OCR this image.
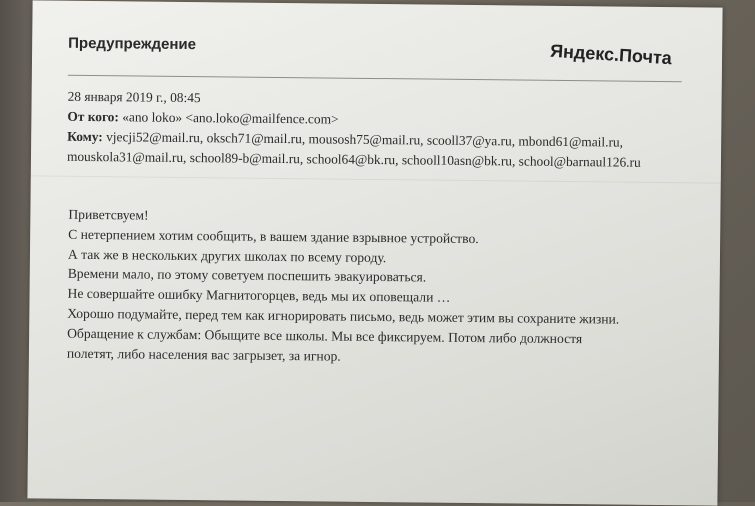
Предупреждение	Яндекс.Почта
28 января 2019 г., 08:45
От кого: «ano loko» <ano.loko@mailfence.com>
Кому: vjecji52@mail.ru, oksch71@mail.ru, mousosh75@mail.ru, scooll37@ya.ru, mbond61@mail.ru,
mouskola31@mail.ru, school89-b@mail.ru, school64@bk.ru, schooll10asn@bk.ru, school@barnaul126.ru
Приветсвуем!
С нетерпением хотим сообщить, в вашем здание взрывное устройство.
А так же в нескольких других школах по всему городу.
Времени мало, по этому советуем поспешить эвакуироваться.
Не совершайте ошибку Магнитогорцев, ведь мы их оповещали …
Хорошо подумайте, перед тем как игнорировать письмо, ведь может этим вы сохраните жизни.
Обращение к службам: Обыщите все школы. Мы все фиксируем. Потом либо должностя
полетят, либо населения вас загрызет, за игнор.
